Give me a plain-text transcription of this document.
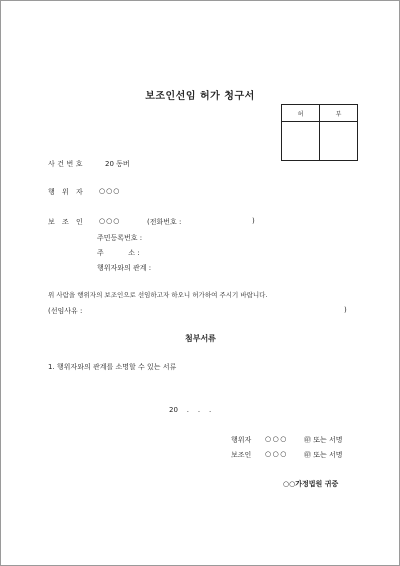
보조인선임 허가 청구서
허	부

사건번호	20 동버
행 위 자 ○○○
보 조 인 ○○○	(전화번호 :	)
주민등록번호 :
주           소 :
행위자와의 관계 :
위 사람을 행위자의 보조인으로 선임하고자 하오니 허가하여 주시기 바랍니다.
(선임사유 :	)
첨부서류
1. 행위자와의 관계를 소명할 수 있는 서류
20    .    .    .
행위자 ○○○ ㊞ 또는 서명
보조인 ○○○ ㊞ 또는 서명
○○가정법원 귀중
